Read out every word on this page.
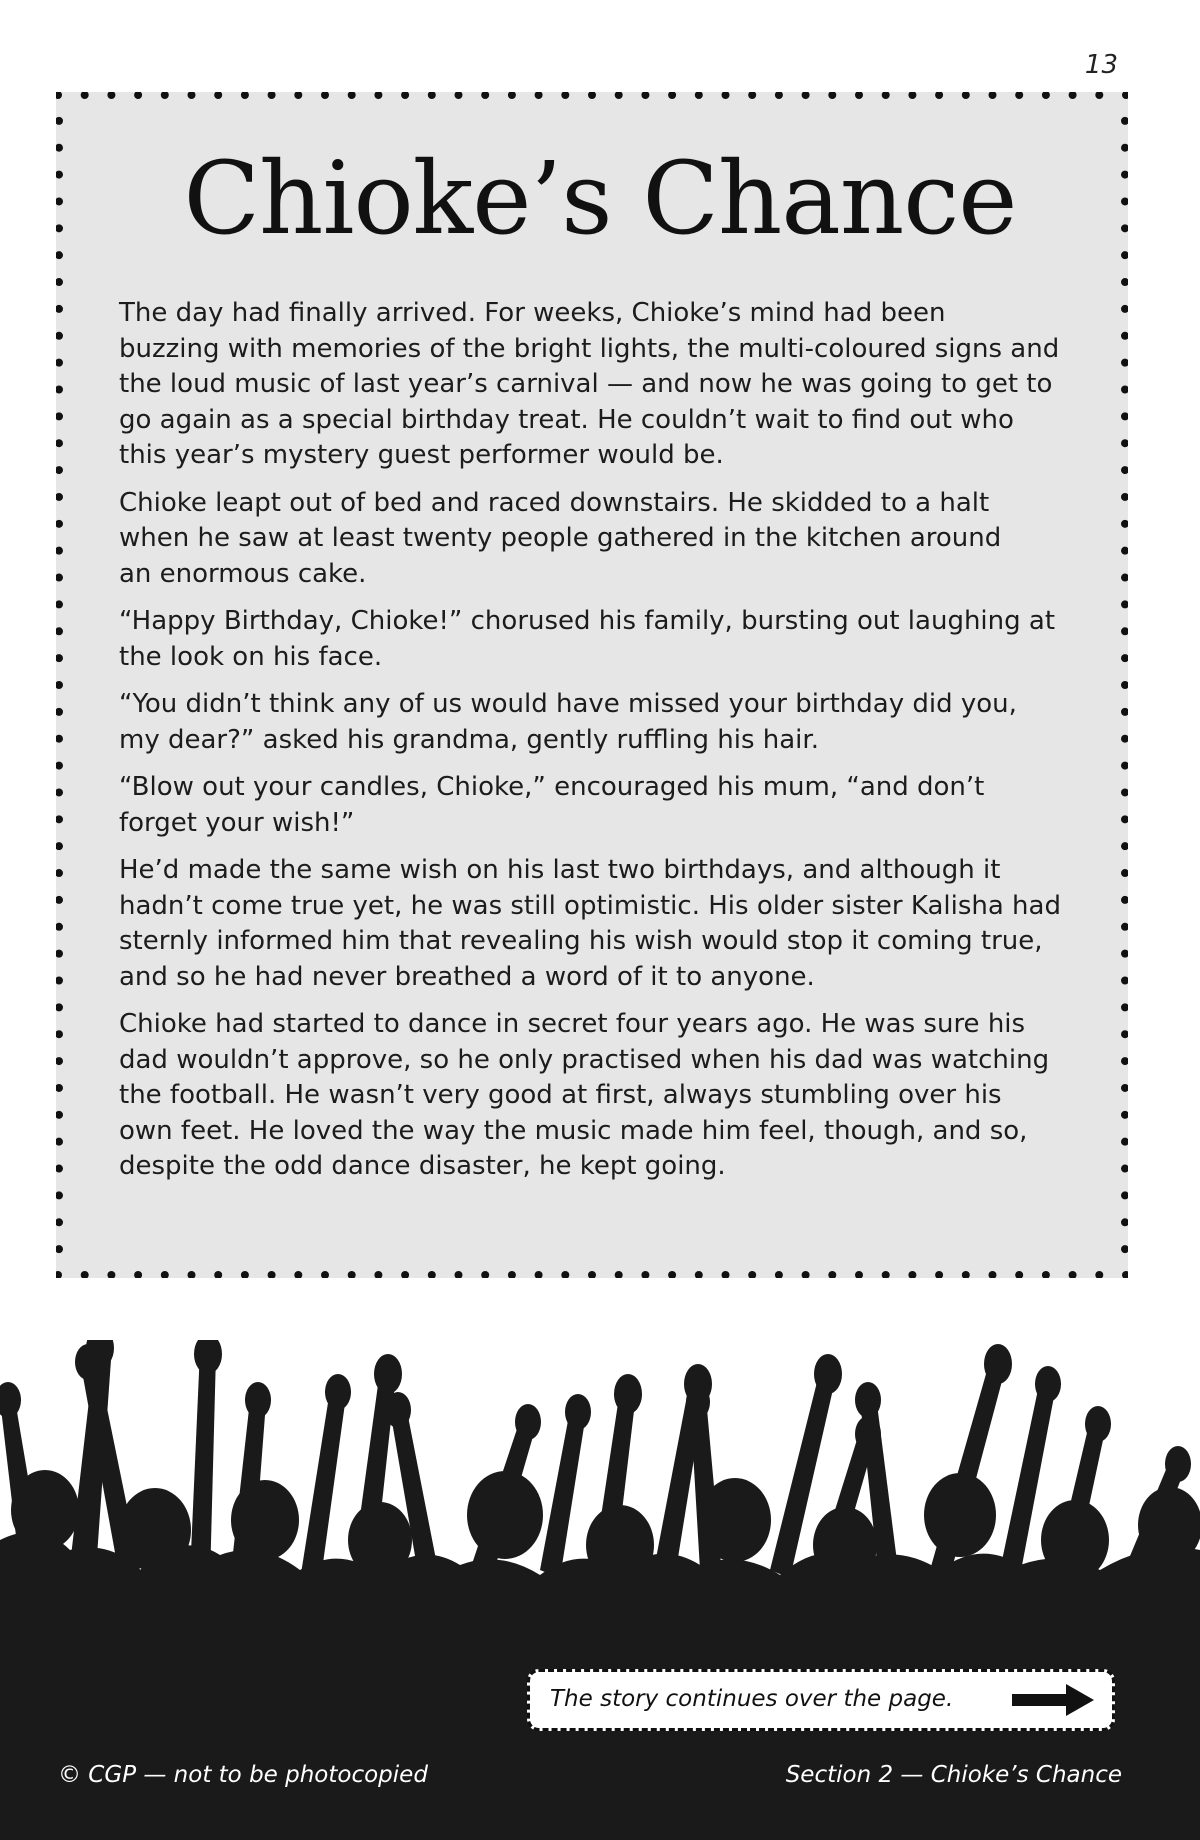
13
Chioke’s Chance

The day had finally arrived. For weeks, Chioke’s mind had been
buzzing with memories of the bright lights, the multi-coloured signs and
the loud music of last year’s carnival — and now he was going to get to
go again as a special birthday treat. He couldn’t wait to find out who
this year’s mystery guest performer would be.

Chioke leapt out of bed and raced downstairs. He skidded to a halt
when he saw at least twenty people gathered in the kitchen around
an enormous cake.

“Happy Birthday, Chioke!” chorused his family, bursting out laughing at
the look on his face.

“You didn’t think any of us would have missed your birthday did you,
my dear?” asked his grandma, gently ruffling his hair.

“Blow out your candles, Chioke,” encouraged his mum, “and don’t
forget your wish!”

He’d made the same wish on his last two birthdays, and although it
hadn’t come true yet, he was still optimistic. His older sister Kalisha had
sternly informed him that revealing his wish would stop it coming true,
and so he had never breathed a word of it to anyone.

Chioke had started to dance in secret four years ago. He was sure his
dad wouldn’t approve, so he only practised when his dad was watching
the football. He wasn’t very good at first, always stumbling over his
own feet. He loved the way the music made him feel, though, and so,
despite the odd dance disaster, he kept going.

The story continues over the page.
© CGP — not to be photocopied	Section 2 — Chioke’s Chance
